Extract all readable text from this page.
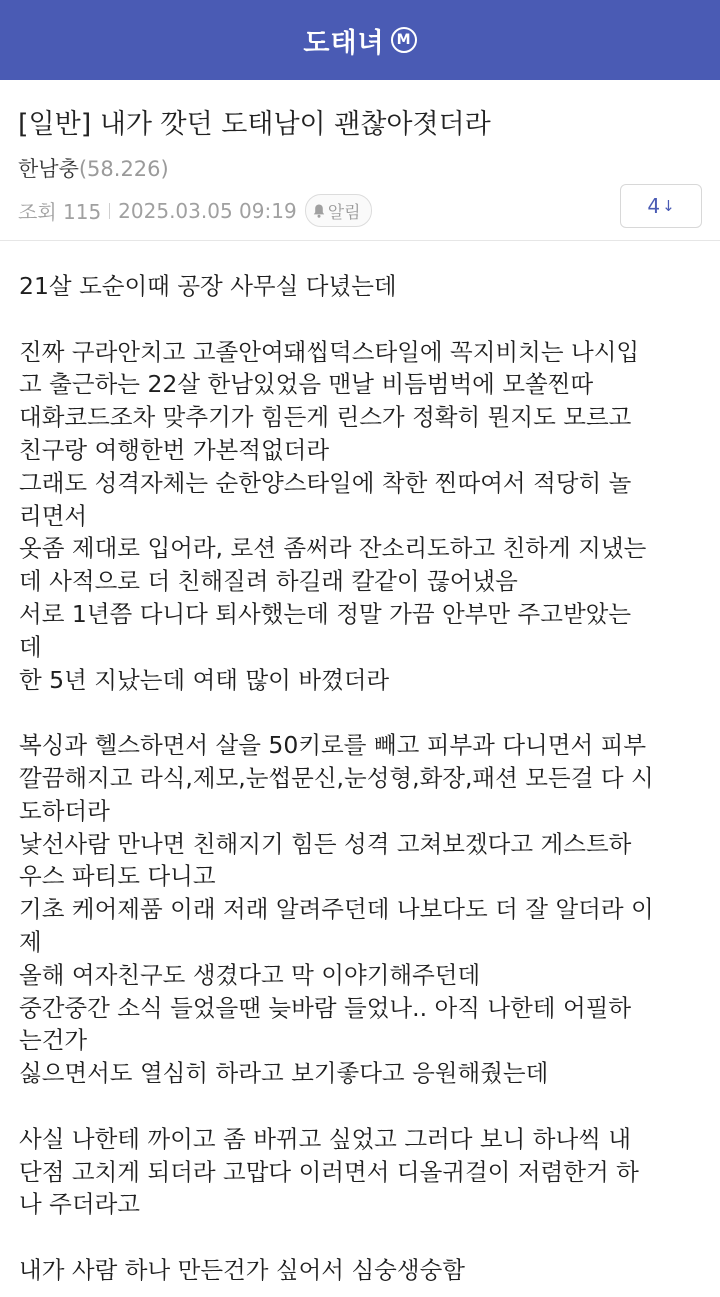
도태녀 M
[일반] 내가 깟던 도태남이 괜찮아졋더라
한남충(58.226)
조회 115 2025.03.05 09:19 알림	4 ↓

21살 도순이때 공장 사무실 다녔는데

진짜 구라안치고 고졸안여돼씹덕스타일에 꼭지비치는 나시입

고 출근하는 22살 한남있었음 맨날 비듬범벅에 모쏠찐따

대화코드조차 맞추기가 힘든게 린스가 정확히 뭔지도 모르고

친구랑 여행한번 가본적없더라

그래도 성격자체는 순한양스타일에 착한 찐따여서 적당히 놀

리면서

옷좀 제대로 입어라, 로션 좀써라 잔소리도하고 친하게 지냈는

데 사적으로 더 친해질려 하길래 칼같이 끊어냈음

서로 1년쯤 다니다 퇴사했는데 정말 가끔 안부만 주고받았는

데

한 5년 지났는데 여태 많이 바꼈더라

복싱과 헬스하면서 살을 50키로를 빼고 피부과 다니면서 피부

깔끔해지고 라식,제모,눈썹문신,눈성형,화장,패션 모든걸 다 시

도하더라

낯선사람 만나면 친해지기 힘든 성격 고쳐보겠다고 게스트하

우스 파티도 다니고

기초 케어제품 이래 저래 알려주던데 나보다도 더 잘 알더라 이

제

올해 여자친구도 생겼다고 막 이야기해주던데

중간중간 소식 들었을땐 늦바람 들었나.. 아직 나한테 어필하

는건가

싫으면서도 열심히 하라고 보기좋다고 응원해줬는데

사실 나한테 까이고 좀 바뀌고 싶었고 그러다 보니 하나씩 내

단점 고치게 되더라 고맙다 이러면서 디올귀걸이 저렴한거 하

나 주더라고

내가 사람 하나 만든건가 싶어서 심숭생숭함
